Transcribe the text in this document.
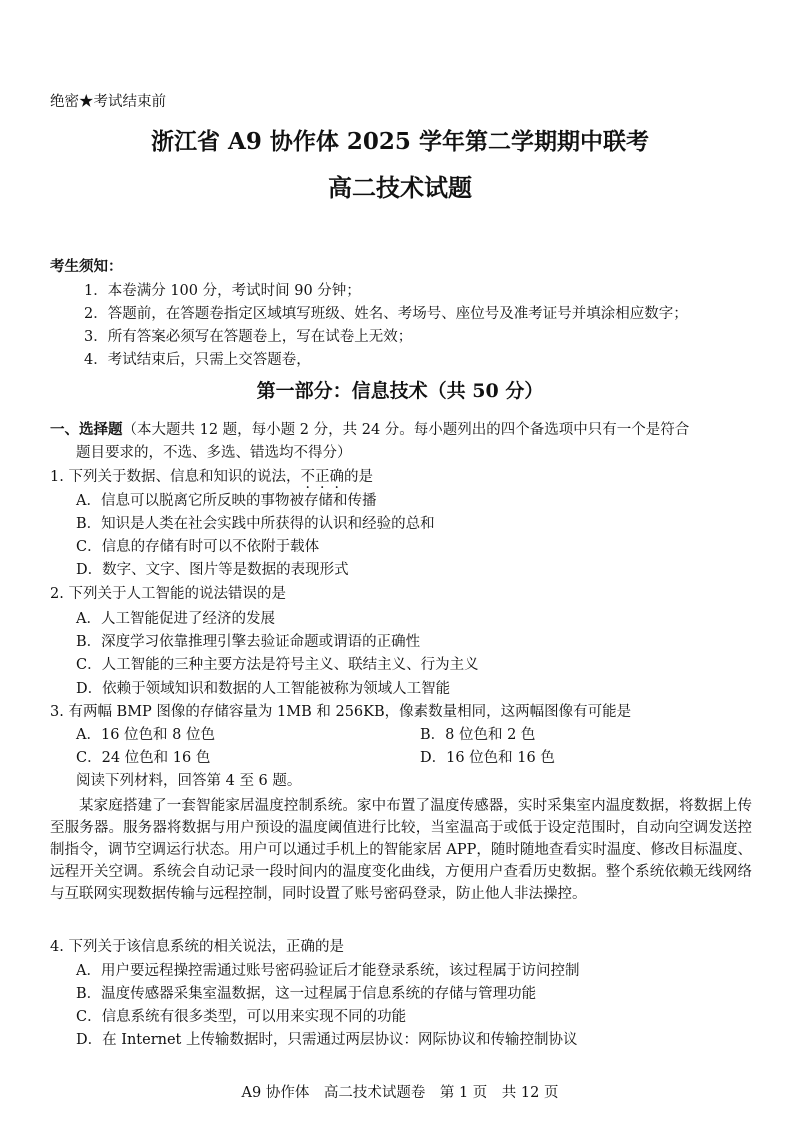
绝密★考试结束前
浙江省 A9 协作体 2025 学年第二学期期中联考
高二技术试题
考生须知：
1．本卷满分 100 分，考试时间 90 分钟；
2．答题前，在答题卷指定区域填写班级、姓名、考场号、座位号及准考证号并填涂相应数字；
3．所有答案必须写在答题卷上，写在试卷上无效；
4．考试结束后，只需上交答题卷，
第一部分：信息技术（共 50 分）
一、选择题（本大题共 12 题，每小题 2 分，共 24 分。每小题列出的四个备选项中只有一个是符合
题目要求的，不选、多选、错选均不得分）
1. 下列关于数据、信息和知识的说法，不正确的是
A．信息可以脱离它所反映的事物被存储和传播
B．知识是人类在社会实践中所获得的认识和经验的总和
C．信息的存储有时可以不依附于载体
D．数字、文字、图片等是数据的表现形式
2. 下列关于人工智能的说法错误的是
A．人工智能促进了经济的发展
B．深度学习依靠推理引擎去验证命题或谓语的正确性
C．人工智能的三种主要方法是符号主义、联结主义、行为主义
D．依赖于领域知识和数据的人工智能被称为领域人工智能
3. 有两幅 BMP 图像的存储容量为 1MB 和 256KB，像素数量相同，这两幅图像有可能是
A．16 位色和 8 位色	B．8 位色和 2 色
C．24 位色和 16 色	D．16 位色和 16 色
阅读下列材料，回答第 4 至 6 题。
某家庭搭建了一套智能家居温度控制系统。家中布置了温度传感器，实时采集室内温度数据，将数据上传至服务器。服务器将数据与用户预设的温度阈值进行比较，当室温高于或低于设定范围时，自动向空调发送控制指令，调节空调运行状态。用户可以通过手机上的智能家居 APP，随时随地查看实时温度、修改目标温度、远程开关空调。系统会自动记录一段时间内的温度变化曲线，方便用户查看历史数据。整个系统依赖无线网络与互联网实现数据传输与远程控制，同时设置了账号密码登录，防止他人非法操控。
4. 下列关于该信息系统的相关说法，正确的是
A．用户要远程操控需通过账号密码验证后才能登录系统，该过程属于访问控制
B．温度传感器采集室温数据，这一过程属于信息系统的存储与管理功能
C．信息系统有很多类型，可以用来实现不同的功能
D．在 Internet 上传输数据时，只需通过两层协议：网际协议和传输控制协议
A9 协作体　高二技术试题卷　第 1 页　共 12 页
